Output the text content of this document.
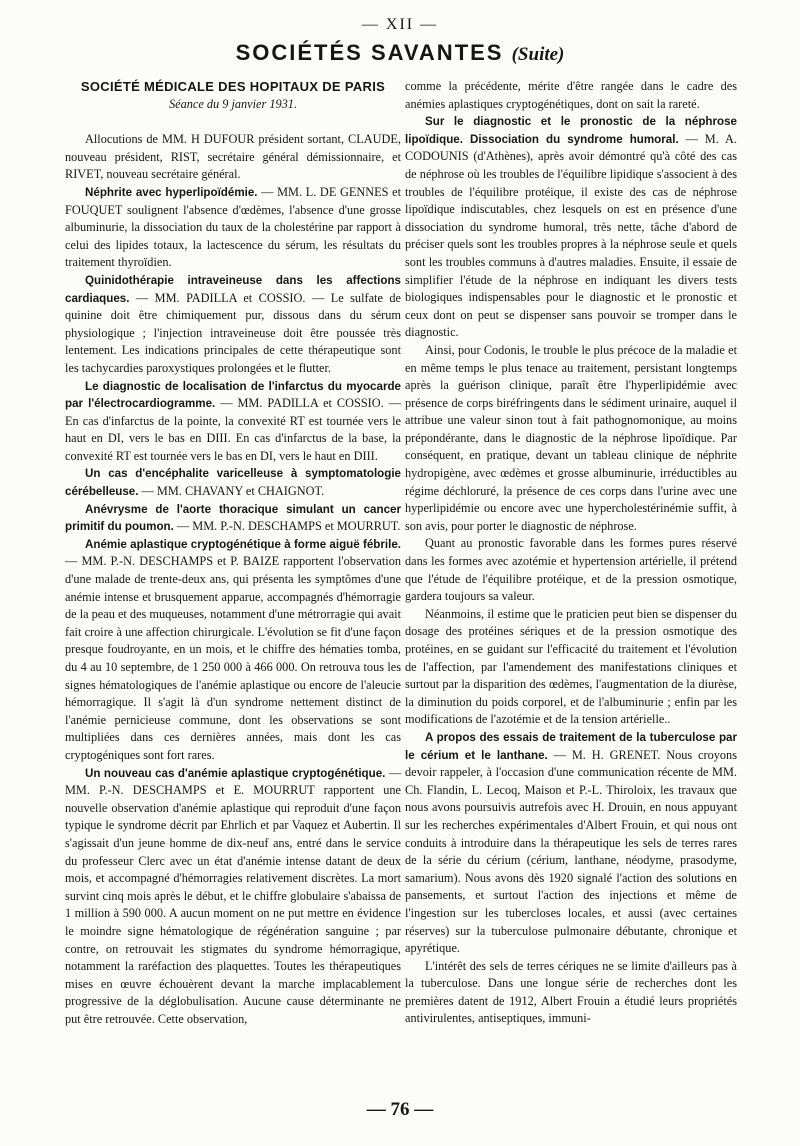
— XII —
SOCIÉTÉS SAVANTES (Suite)

SOCIÉTÉ MÉDICALE DES HOPITAUX DE PARIS

Séance du 9 janvier 1931.

Allocutions de MM. H DUFOUR président sortant, CLAUDE, nouveau président, RIST, secrétaire général démissionnaire, et RIVET, nouveau secrétaire général.

Néphrite avec hyperlipoïdémie. — MM. L. DE GENNES et FOUQUET soulignent l'absence d'œdèmes, l'absence d'une grosse albuminurie, la dissociation du taux de la cholestérine par rapport à celui des lipides totaux, la lactescence du sérum, les résultats du traitement thyroïdien.

Quinidothérapie intraveineuse dans les affections cardiaques. — MM. PADILLA et COSSIO. — Le sulfate de quinine doit être chimiquement pur, dissous dans du sérum physiologique ; l'injection intraveineuse doit être poussée très lentement. Les indications principales de cette thérapeutique sont les tachycardies paroxystiques prolongées et le flutter.

Le diagnostic de localisation de l'infarctus du myocarde par l'électrocardiogramme. — MM. PADILLA et COSSIO. — En cas d'infarctus de la pointe, la convexité RT est tournée vers le haut en DI, vers le bas en DIII. En cas d'infarctus de la base, la convexité RT est tournée vers le bas en DI, vers le haut en DIII.

Un cas d'encéphalite varicelleuse à symptomatologie cérébelleuse. — MM. CHAVANY et CHAIGNOT.

Anévrysme de l'aorte thoracique simulant un cancer primitif du poumon. — MM. P.-N. DESCHAMPS et MOURRUT.

Anémie aplastique cryptogénétique à forme aiguë fébrile. — MM. P.-N. DESCHAMPS et P. BAIZE rapportent l'observation d'une malade de trente-deux ans, qui présenta les symptômes d'une anémie intense et brusquement apparue, accompagnés d'hémorragie de la peau et des muqueuses, notamment d'une métrorragie qui avait fait croire à une affection chirurgicale. L'évolution se fit d'une façon presque foudroyante, en un mois, et le chiffre des hématies tomba, du 4 au 10 septembre, de 1 250 000 à 466 000. On retrouva tous les signes hématologiques de l'anémie aplastique ou encore de l'aleucie hémorragique. Il s'agit là d'un syndrome nettement distinct de l'anémie pernicieuse commune, dont les observations se sont multipliées dans ces dernières années, mais dont les cas cryptogéniques sont fort rares.

Un nouveau cas d'anémie aplastique cryptogénétique. — MM. P.-N. DESCHAMPS et E. MOURRUT rapportent une nouvelle observation d'anémie aplastique qui reproduit d'une façon typique le syndrome décrit par Ehrlich et par Vaquez et Aubertin. Il s'agissait d'un jeune homme de dix-neuf ans, entré dans le service du professeur Clerc avec un état d'anémie intense datant de deux mois, et accompagné d'hémorragies relativement discrètes. La mort survint cinq mois après le début, et le chiffre globulaire s'abaissa de 1 million à 590 000. A aucun moment on ne put mettre en évidence le moindre signe hématologique de régénération sanguine ; par contre, on retrouvait les stigmates du syndrome hémorragique, notamment la raréfaction des plaquettes. Toutes les thérapeutiques mises en œuvre échouèrent devant la marche implacablement progressive de la déglobulisation. Aucune cause déterminante ne put être retrouvée. Cette observation,

comme la précédente, mérite d'être rangée dans le cadre des anémies aplastiques cryptogénétiques, dont on sait la rareté.

Sur le diagnostic et le pronostic de la néphrose lipoïdique. Dissociation du syndrome humoral. — M. A. CODOUNIS (d'Athènes), après avoir démontré qu'à côté des cas de néphrose où les troubles de l'équilibre lipidique s'associent à des troubles de l'équilibre protéique, il existe des cas de néphrose lipoïdique indiscutables, chez lesquels on est en présence d'une dissociation du syndrome humoral, très nette, tâche d'abord de préciser quels sont les troubles propres à la néphrose seule et quels sont les troubles communs à d'autres maladies. Ensuite, il essaie de simplifier l'étude de la néphrose en indiquant les divers tests biologiques indispensables pour le diagnostic et le pronostic et ceux dont on peut se dispenser sans pouvoir se tromper dans le diagnostic.

Ainsi, pour Codonis, le trouble le plus précoce de la maladie et en même temps le plus tenace au traitement, persistant longtemps après la guérison clinique, paraît être l'hyperlipidémie avec présence de corps biréfringents dans le sédiment urinaire, auquel il attribue une valeur sinon tout à fait pathognomonique, au moins prépondérante, dans le diagnostic de la néphrose lipoïdique. Par conséquent, en pratique, devant un tableau clinique de néphrite hydropigène, avec œdèmes et grosse albuminurie, irréductibles au régime déchloruré, la présence de ces corps dans l'urine avec une hyperlipidémie ou encore avec une hypercholestérinémie suffit, à son avis, pour porter le diagnostic de néphrose.

Quant au pronostic favorable dans les formes pures réservé dans les formes avec azotémie et hypertension artérielle, il prétend que l'étude de l'équilibre protéique, et de la pression osmotique, gardera toujours sa valeur.

Néanmoins, il estime que le praticien peut bien se dispenser du dosage des protéines sériques et de la pression osmotique des protéines, en se guidant sur l'efficacité du traitement et l'évolution de l'affection, par l'amendement des manifestations cliniques et surtout par la disparition des œdèmes, l'augmentation de la diurèse, la diminution du poids corporel, et de l'albuminurie ; enfin par les modifications de l'azotémie et de la tension artérielle..

A propos des essais de traitement de la tuberculose par le cérium et le lanthane. — M. H. GRENET. Nous croyons devoir rappeler, à l'occasion d'une communication récente de MM. Ch. Flandin, L. Lecoq, Maison et P.-L. Thiroloix, les travaux que nous avons poursuivis autrefois avec H. Drouin, en nous appuyant sur les recherches expérimentales d'Albert Frouin, et qui nous ont conduits à introduire dans la thérapeutique les sels de terres rares de la série du cérium (cérium, lanthane, néodyme, prasodyme, samarium). Nous avons dès 1920 signalé l'action des solutions en pansements, et surtout l'action des injections et même de l'ingestion sur les tubercloses locales, et aussi (avec certaines réserves) sur la tuberculose pulmonaire débutante, chronique et apyrétique.

L'intérêt des sels de terres cériques ne se limite d'ailleurs pas à la tuberculose. Dans une longue série de recherches dont les premières datent de 1912, Albert Frouin a étudié leurs propriétés antivirulentes, antiseptiques, immuni-

— 76 —
